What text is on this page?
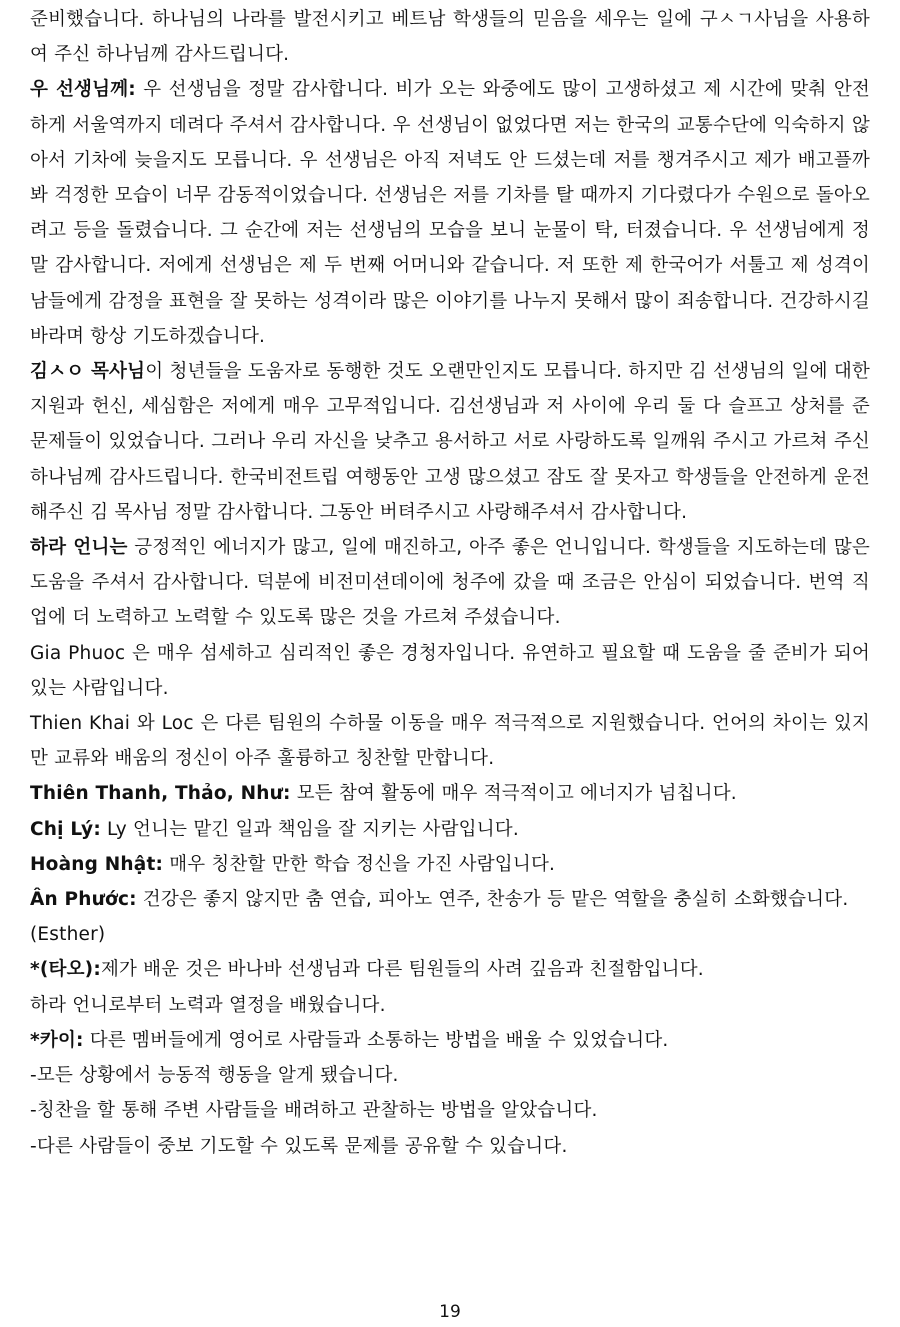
준비했습니다. 하나님의 나라를 발전시키고 베트남 학생들의 믿음을 세우는 일에 구ㅅㄱ사님을 사용하여 주신 하나님께 감사드립니다.

우 선생님께: 우 선생님을 정말 감사합니다. 비가 오는 와중에도 많이 고생하셨고 제 시간에 맞춰 안전하게 서울역까지 데려다 주셔서 감사합니다. 우 선생님이 없었다면 저는 한국의 교통수단에 익숙하지 않아서 기차에 늦을지도 모릅니다. 우 선생님은 아직 저녁도 안 드셨는데 저를 챙겨주시고 제가 배고플까 봐 걱정한 모습이 너무 감동적이었습니다. 선생님은 저를 기차를 탈 때까지 기다렸다가 수원으로 돌아오려고 등을 돌렸습니다. 그 순간에 저는 선생님의 모습을 보니 눈물이 탁, 터졌습니다. 우 선생님에게 정말 감사합니다. 저에게 선생님은 제 두 번째 어머니와 같습니다. 저 또한 제 한국어가 서툴고 제 성격이 남들에게 감정을 표현을 잘 못하는 성격이라 많은 이야기를 나누지 못해서 많이 죄송합니다. 건강하시길 바라며 항상 기도하겠습니다.

김ㅅㅇ 목사님이 청년들을 도움자로 동행한 것도 오랜만인지도 모릅니다. 하지만 김 선생님의 일에 대한 지원과 헌신, 세심함은 저에게 매우 고무적입니다. 김선생님과 저 사이에 우리 둘 다 슬프고 상처를 준 문제들이 있었습니다. 그러나 우리 자신을 낮추고 용서하고 서로 사랑하도록 일깨워 주시고 가르쳐 주신 하나님께 감사드립니다. 한국비전트립 여행동안 고생 많으셨고 잠도 잘 못자고 학생들을 안전하게 운전해주신 김 목사님 정말 감사합니다. 그동안 버텨주시고 사랑해주셔서 감사합니다.

하라 언니는 긍정적인 에너지가 많고, 일에 매진하고, 아주 좋은 언니입니다. 학생들을 지도하는데 많은 도움을 주셔서 감사합니다. 덕분에 비전미션데이에 청주에 갔을 때 조금은 안심이 되었습니다. 번역 직업에 더 노력하고 노력할 수 있도록 많은 것을 가르쳐 주셨습니다.

Gia Phuoc 은 매우 섬세하고 심리적인 좋은 경청자입니다. 유연하고 필요할 때 도움을 줄 준비가 되어 있는 사람입니다.

Thien Khai 와 Loc 은 다른 팀원의 수하물 이동을 매우 적극적으로 지원했습니다. 언어의 차이는 있지만 교류와 배움의 정신이 아주 훌륭하고 칭찬할 만합니다.

Thiên Thanh, Thảo, Như: 모든 참여 활동에 매우 적극적이고 에너지가 넘칩니다.

Chị Lý: Ly 언니는 맡긴 일과 책임을 잘 지키는 사람입니다.

Hoàng Nhật: 매우 칭찬할 만한 학습 정신을 가진 사람입니다.

Ân Phước: 건강은 좋지 않지만 춤 연습, 피아노 연주, 찬송가 등 맡은 역할을 충실히 소화했습니다.(Esther)

*(타오):제가 배운 것은 바나바 선생님과 다른 팀원들의 사려 깊음과 친절함입니다.

하라 언니로부터 노력과 열정을 배웠습니다.

*카이: 다른 멤버들에게 영어로 사람들과 소통하는 방법을 배울 수 있었습니다.

-모든 상황에서 능동적 행동을 알게 됐습니다.

-칭찬을 할 통해 주변 사람들을 배려하고 관찰하는 방법을 알았습니다.

-다른 사람들이 중보 기도할 수 있도록 문제를 공유할 수 있습니다.

19
